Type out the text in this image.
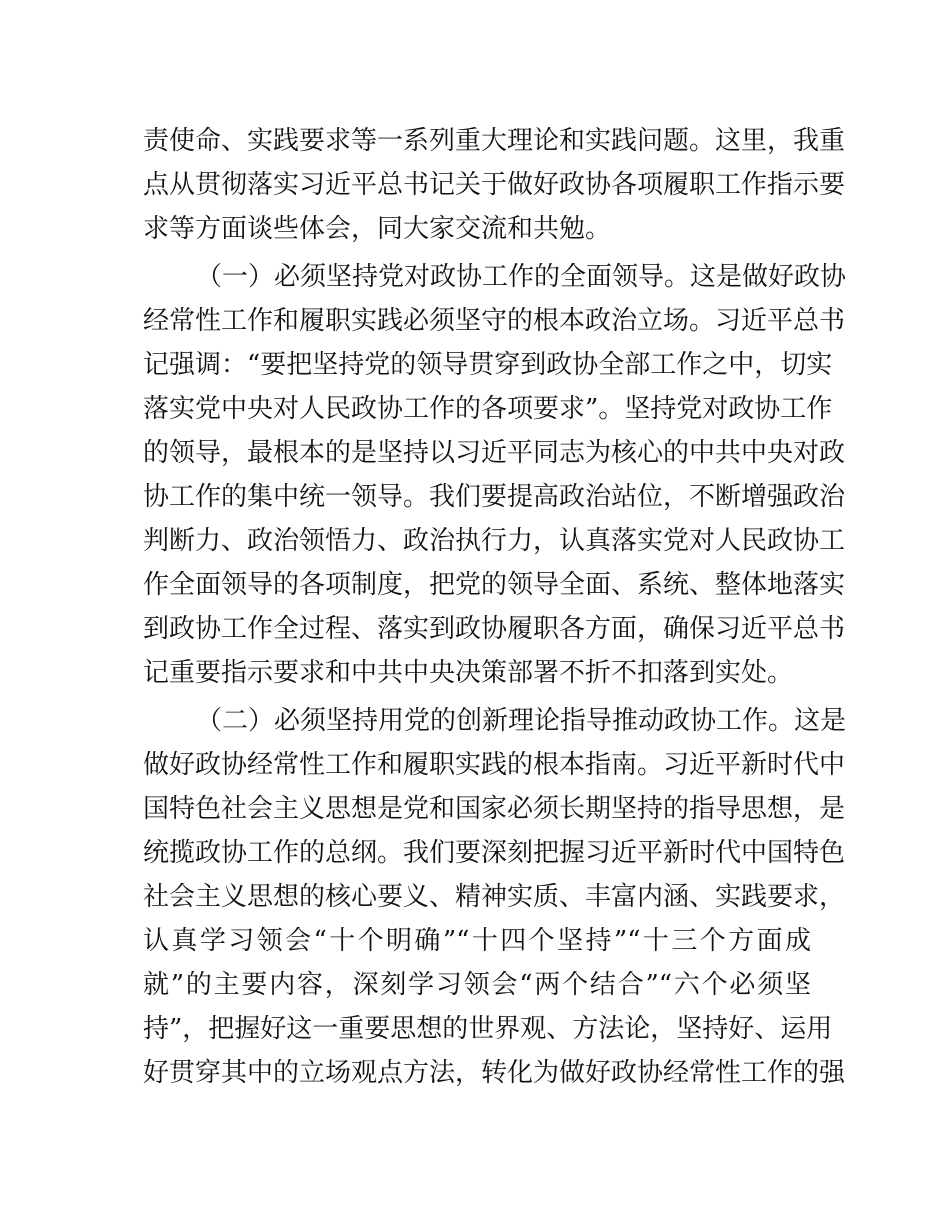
责使命、实践要求等一系列重大理论和实践问题。这里，我重
点从贯彻落实习近平总书记关于做好政协各项履职工作指示要
求等方面谈些体会，同大家交流和共勉。
（一）必须坚持党对政协工作的全面领导。这是做好政协
经常性工作和履职实践必须坚守的根本政治立场。习近平总书
记强调：“要把坚持党的领导贯穿到政协全部工作之中，切实
落实党中央对人民政协工作的各项要求”。坚持党对政协工作
的领导，最根本的是坚持以习近平同志为核心的中共中央对政
协工作的集中统一领导。我们要提高政治站位，不断增强政治
判断力、政治领悟力、政治执行力，认真落实党对人民政协工
作全面领导的各项制度，把党的领导全面、系统、整体地落实
到政协工作全过程、落实到政协履职各方面，确保习近平总书
记重要指示要求和中共中央决策部署不折不扣落到实处。
（二）必须坚持用党的创新理论指导推动政协工作。这是
做好政协经常性工作和履职实践的根本指南。习近平新时代中
国特色社会主义思想是党和国家必须长期坚持的指导思想，是
统揽政协工作的总纲。我们要深刻把握习近平新时代中国特色
社会主义思想的核心要义、精神实质、丰富内涵、实践要求，
认真学习领会“十个明确”“十四个坚持”“十三个方面成
就”的主要内容，深刻学习领会“两个结合”“六个必须坚
持”，把握好这一重要思想的世界观、方法论，坚持好、运用
好贯穿其中的立场观点方法，转化为做好政协经常性工作的强
